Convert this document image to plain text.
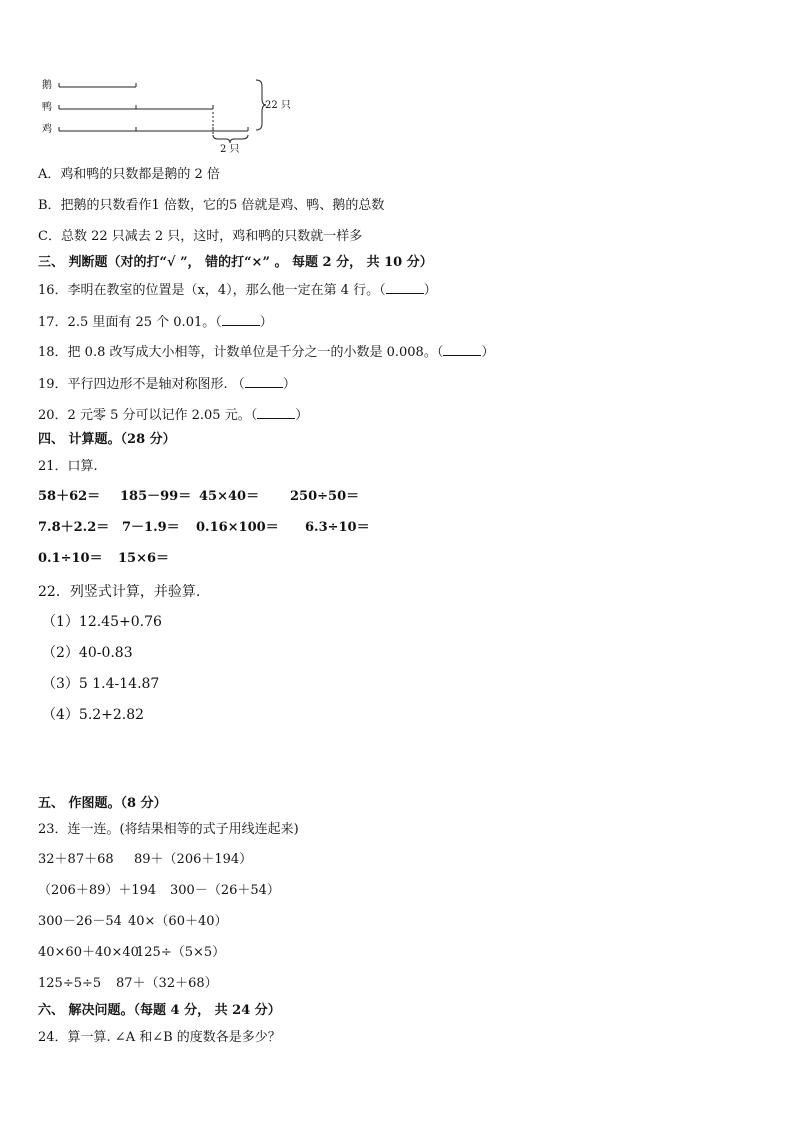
鹅
鸭
鸡
22 只
2 只
A．鸡和鸭的只数都是鹅的 2 倍
B．把鹅的只数看作1 倍数，它的5 倍就是鸡、鸭、鹅的总数
C．总数 22 只减去 2 只，这时，鸡和鸭的只数就一样多
三、 判断题（对的打“√ ”， 错的打“×” 。 每题 2 分， 共 10 分）
16．李明在教室的位置是（x，4），那么他一定在第 4 行。（	）
17．2.5 里面有 25 个 0.01。（	）
18．把 0.8 改写成大小相等，计数单位是千分之一的小数是 0.008。（	）
19．平行四边形不是轴对称图形. （	）
20．2 元零 5 分可以记作 2.05 元。（	）
四、 计算题。（28 分）
21．口算.
58＋62＝ 185－99＝ 45×40＝ 250÷50＝
7.8＋2.2＝ 7－1.9＝ 0.16×100＝ 6.3÷10＝
0.1÷10＝ 15×6＝
22．列竖式计算，并验算.
（1）12.45+0.76
（2）40-0.83
（3）5 1.4-14.87
（4）5.2+2.82
五、 作图题。（8 分）
23．连一连。(将结果相等的式子用线连起来)
32＋87＋68 89＋（206＋194）
（206＋89）＋194 300－（26＋54）
300－26－54 40×（60＋40）
40×60＋40×40
125÷（5×5）
125÷5÷5 87＋（32＋68）
六、 解决问题。（每题 4 分， 共 24 分）
24．算一算. ∠A 和∠B 的度数各是多少？
